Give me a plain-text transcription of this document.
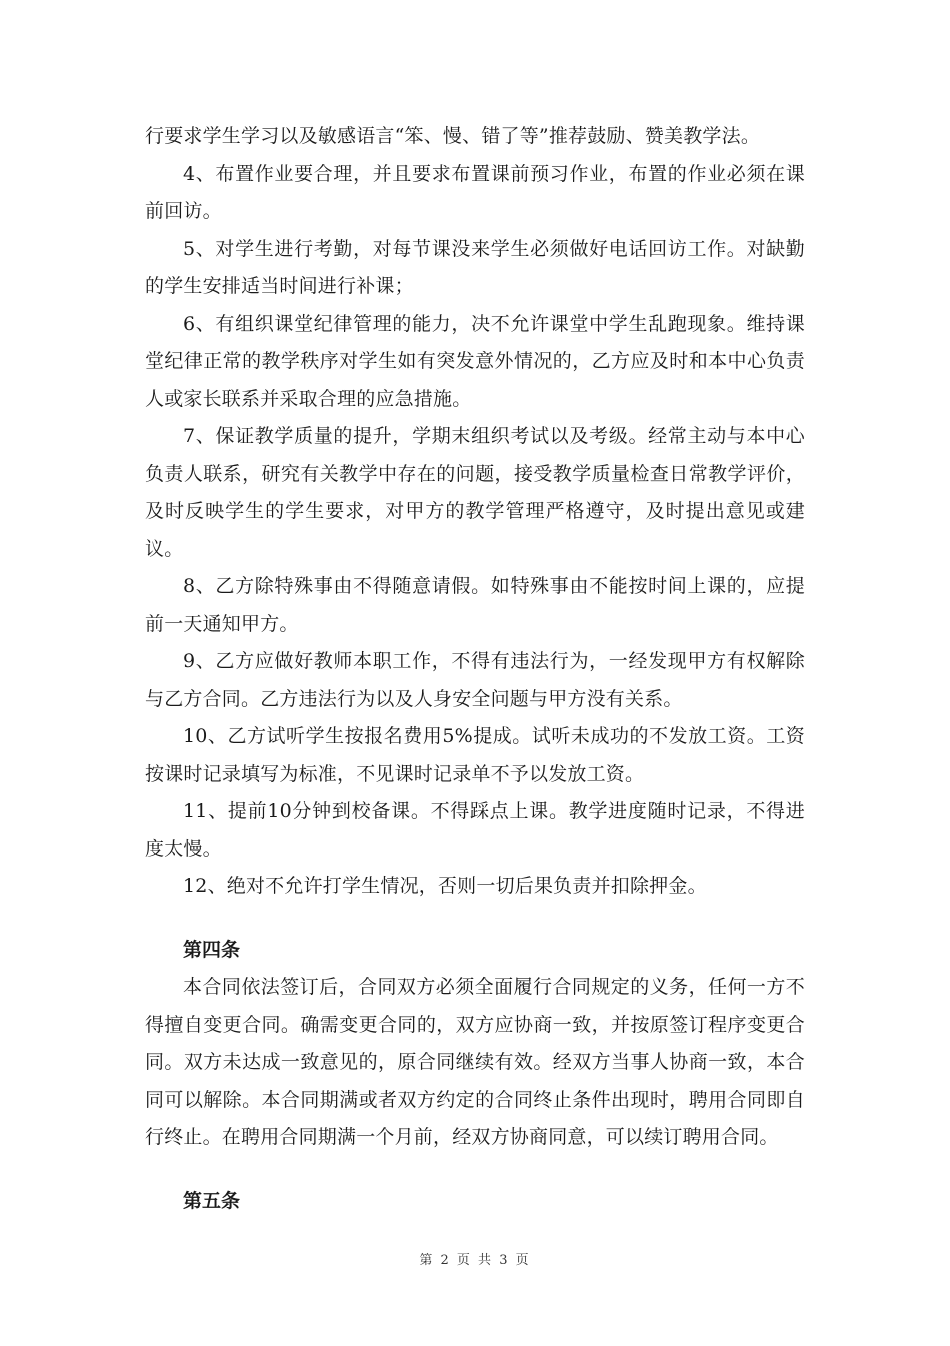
行要求学生学习以及敏感语言“笨、慢、错了等”推荐鼓励、赞美教学法。

4、布置作业要合理，并且要求布置课前预习作业，布置的作业必须在课前回访。

5、对学生进行考勤，对每节课没来学生必须做好电话回访工作。对缺勤的学生安排适当时间进行补课；

6、有组织课堂纪律管理的能力，决不允许课堂中学生乱跑现象。维持课堂纪律正常的教学秩序对学生如有突发意外情况的，乙方应及时和本中心负责人或家长联系并采取合理的应急措施。

7、保证教学质量的提升，学期末组织考试以及考级。经常主动与本中心负责人联系，研究有关教学中存在的问题，接受教学质量检查日常教学评价，及时反映学生的学生要求，对甲方的教学管理严格遵守，及时提出意见或建议。

8、乙方除特殊事由不得随意请假。如特殊事由不能按时间上课的，应提前一天通知甲方。

9、乙方应做好教师本职工作，不得有违法行为，一经发现甲方有权解除与乙方合同。乙方违法行为以及人身安全问题与甲方没有关系。

10、乙方试听学生按报名费用5%提成。试听未成功的不发放工资。工资按课时记录填写为标准，不见课时记录单不予以发放工资。

11、提前10分钟到校备课。不得踩点上课。教学进度随时记录，不得进度太慢。

12、绝对不允许打学生情况，否则一切后果负责并扣除押金。

第四条

本合同依法签订后，合同双方必须全面履行合同规定的义务，任何一方不得擅自变更合同。确需变更合同的，双方应协商一致，并按原签订程序变更合同。双方未达成一致意见的，原合同继续有效。经双方当事人协商一致，本合同可以解除。本合同期满或者双方约定的合同终止条件出现时，聘用合同即自行终止。在聘用合同期满一个月前，经双方协商同意，可以续订聘用合同。

第五条

第 2 页 共 3 页
